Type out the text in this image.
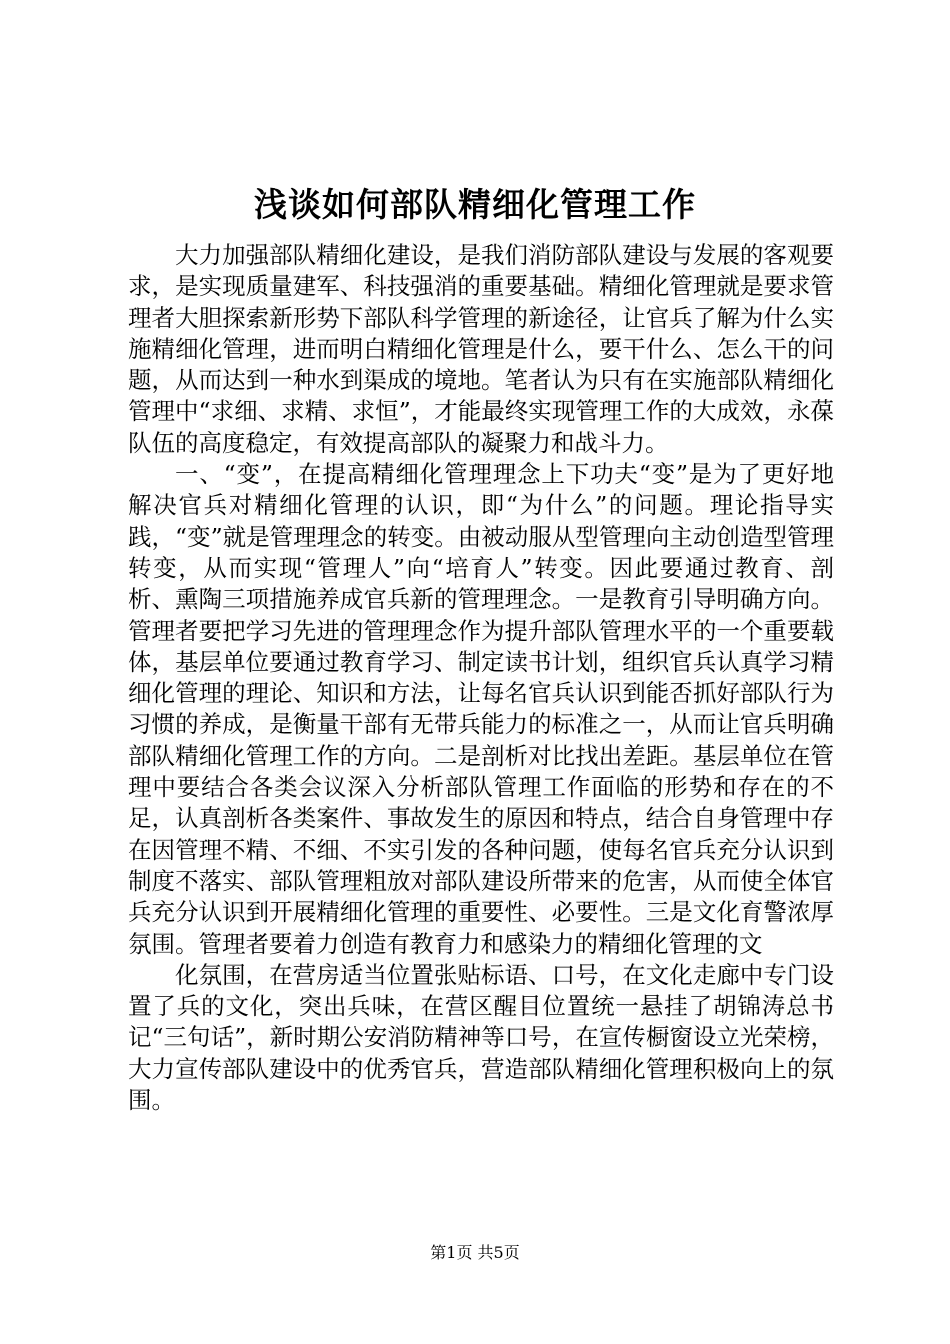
浅谈如何部队精细化管理工作

大力加强部队精细化建设，是我们消防部队建设与发展的客观要求，是实现质量建军、科技强消的重要基础。精细化管理就是要求管理者大胆探索新形势下部队科学管理的新途径，让官兵了解为什么实施精细化管理，进而明白精细化管理是什么，要干什么、怎么干的问题，从而达到一种水到渠成的境地。笔者认为只有在实施部队精细化管理中“求细、求精、求恒”，才能最终实现管理工作的大成效，永葆队伍的高度稳定，有效提高部队的凝聚力和战斗力。

一、“变”，在提高精细化管理理念上下功夫“变”是为了更好地解决官兵对精细化管理的认识，即“为什么”的问题。理论指导实践，“变”就是管理理念的转变。由被动服从型管理向主动创造型管理转变，从而实现“管理人”向“培育人”转变。因此要通过教育、剖析、熏陶三项措施养成官兵新的管理理念。一是教育引导明确方向。管理者要把学习先进的管理理念作为提升部队管理水平的一个重要载体，基层单位要通过教育学习、制定读书计划，组织官兵认真学习精细化管理的理论、知识和方法，让每名官兵认识到能否抓好部队行为习惯的养成，是衡量干部有无带兵能力的标准之一，从而让官兵明确部队精细化管理工作的方向。二是剖析对比找出差距。基层单位在管理中要结合各类会议深入分析部队管理工作面临的形势和存在的不足，认真剖析各类案件、事故发生的原因和特点，结合自身管理中存在因管理不精、不细、不实引发的各种问题，使每名官兵充分认识到制度不落实、部队管理粗放对部队建设所带来的危害，从而使全体官兵充分认识到开展精细化管理的重要性、必要性。三是文化育警浓厚氛围。管理者要着力创造有教育力和感染力的精细化管理的文

化氛围，在营房适当位置张贴标语、口号，在文化走廊中专门设置了兵的文化，突出兵味，在营区醒目位置统一悬挂了胡锦涛总书记“三句话”，新时期公安消防精神等口号，在宣传橱窗设立光荣榜，大力宣传部队建设中的优秀官兵，营造部队精细化管理积极向上的氛围。

第1页 共5页
